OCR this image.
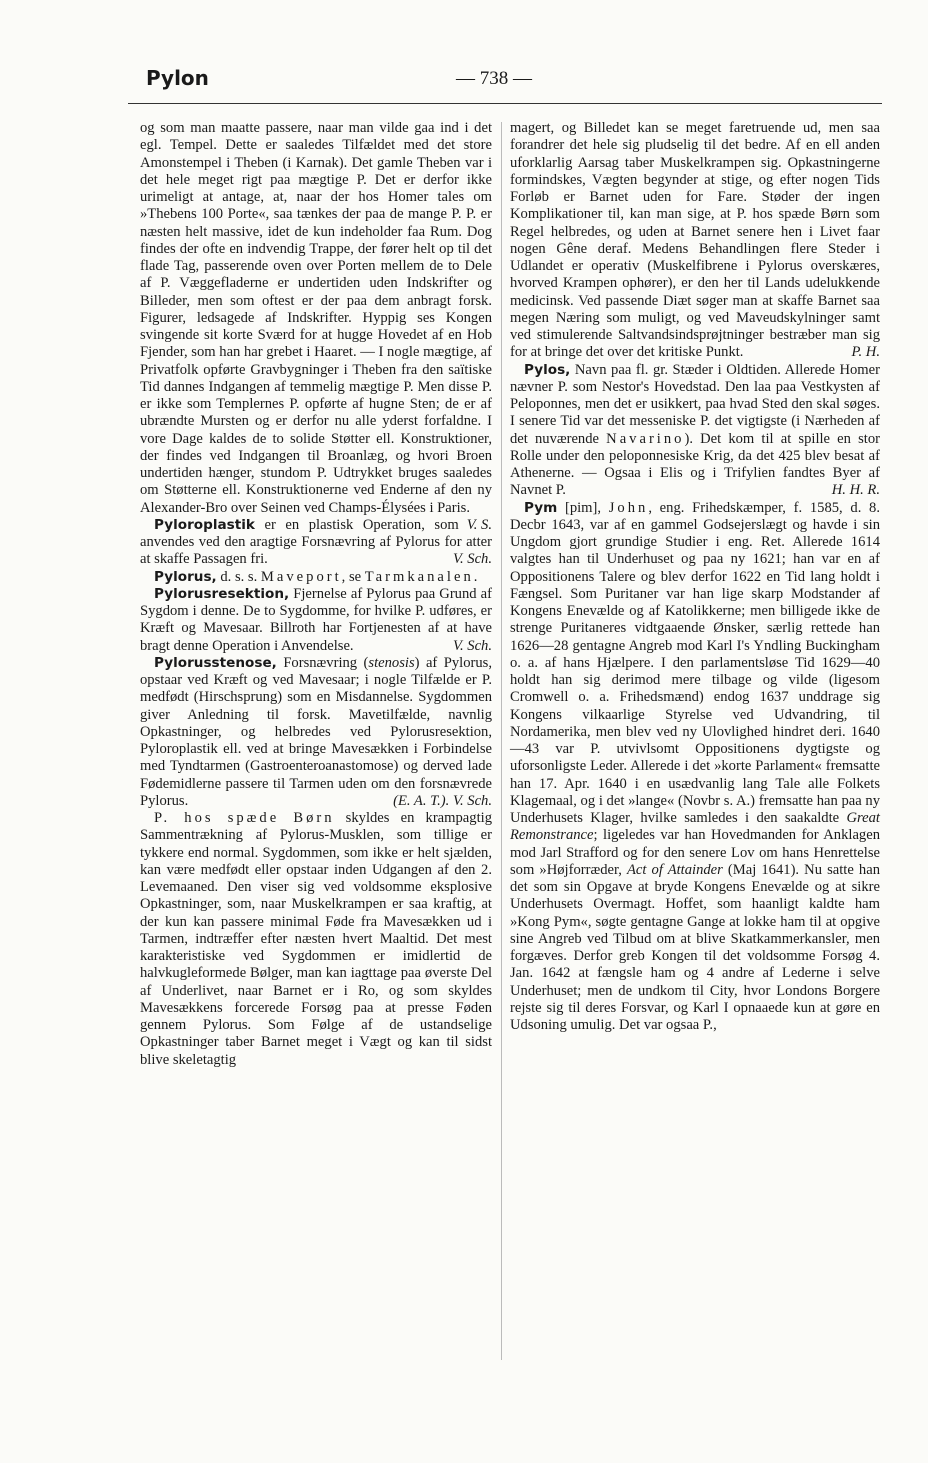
Pylon	— 738 —

og som man maatte passere, naar man vilde gaa ind i det egl. Tempel. Dette er saaledes Tilfældet med det store Amonstempel i Theben (i Karnak). Det gamle Theben var i det hele meget rigt paa mægtige P. Det er derfor ikke urimeligt at antage, at, naar der hos Homer tales om »Thebens 100 Porte«, saa tænkes der paa de mange P. P. er næsten helt massive, idet de kun indeholder faa Rum. Dog findes der ofte en indvendig Trappe, der fører helt op til det flade Tag, passerende oven over Porten mellem de to Dele af P. Væggefladerne er undertiden uden Indskrifter og Billeder, men som oftest er der paa dem anbragt forsk. Figurer, ledsagede af Indskrifter. Hyppig ses Kongen svingende sit korte Sværd for at hugge Hovedet af en Hob Fjender, som han har grebet i Haaret. — I nogle mægtige, af Privatfolk opførte Gravbygninger i Theben fra den saïtiske Tid dannes Indgangen af temmelig mægtige P. Men disse P. er ikke som Templernes P. opførte af hugne Sten; de er af ubrændte Mursten og er derfor nu alle yderst forfaldne. I vore Dage kaldes de to solide Støtter ell. Konstruktioner, der findes ved Indgangen til Broanlæg, og hvori Broen undertiden hænger, stundom P. Udtrykket bruges saaledes om Støtterne ell. Konstruktionerne ved Enderne af den ny Alexander-Bro over Seinen ved Champs-Élysées i Paris.
V. S.

Pyloroplastik er en plastisk Operation, som anvendes ved den aragtige Forsnævring af Pylorus for atter at skaffe Passagen fri.	V. Sch.

Pylorus, d. s. s. Maveport, se Tarmkanalen.

Pylorusresektion, Fjernelse af Pylorus paa Grund af Sygdom i denne. De to Sygdomme, for hvilke P. udføres, er Kræft og Mavesaar. Billroth har Fortjenesten af at have bragt denne Operation i Anvendelse.	V. Sch.

Pylorusstenose, Forsnævring (stenosis) af Pylorus, opstaar ved Kræft og ved Mavesaar; i nogle Tilfælde er P. medfødt (Hirschsprung) som en Misdannelse. Sygdommen giver Anledning til forsk. Mavetilfælde, navnlig Opkastninger, og helbredes ved Pylorusresektion, Pyloroplastik ell. ved at bringe Mavesækken i Forbindelse med Tyndtarmen (Gastroenteroanastomose) og derved lade Fødemidlerne passere til Tarmen uden om den forsnævrede Pylorus.	(E. A. T.). V. Sch.

P. hos spæde Børn skyldes en krampagtig Sammentrækning af Pylorus-Musklen, som tillige er tykkere end normal. Sygdommen, som ikke er helt sjælden, kan være medfødt eller opstaar inden Udgangen af den 2. Levemaaned. Den viser sig ved voldsomme eksplosive Opkastninger, som, naar Muskelkrampen er saa kraftig, at der kun kan passere minimal Føde fra Mavesækken ud i Tarmen, indtræffer efter næsten hvert Maaltid. Det mest karakteristiske ved Sygdommen er imidlertid de halvkugleformede Bølger, man kan iagttage paa øverste Del af Underlivet, naar Barnet er i Ro, og som skyldes Mavesækkens forcerede Forsøg paa at presse Føden gennem Pylorus. Som Følge af de ustandselige Opkastninger taber Barnet meget i Vægt og kan til sidst blive skeletagtig

magert, og Billedet kan se meget faretruende ud, men saa forandrer det hele sig pludselig til det bedre. Af en ell anden uforklarlig Aarsag taber Muskelkrampen sig. Opkastningerne formindskes, Vægten begynder at stige, og efter nogen Tids Forløb er Barnet uden for Fare. Støder der ingen Komplikationer til, kan man sige, at P. hos spæde Børn som Regel helbredes, og uden at Barnet senere hen i Livet faar nogen Gêne deraf. Medens Behandlingen flere Steder i Udlandet er operativ (Muskelfibrene i Pylorus overskæres, hvorved Krampen ophører), er den her til Lands udelukkende medicinsk. Ved passende Diæt søger man at skaffe Barnet saa megen Næring som muligt, og ved Maveudskylninger samt ved stimulerende Saltvandsindsprøjtninger bestræber man sig for at bringe det over det kritiske Punkt.	P. H.

Pylos, Navn paa fl. gr. Stæder i Oldtiden. Allerede Homer nævner P. som Nestor's Hovedstad. Den laa paa Vestkysten af Peloponnes, men det er usikkert, paa hvad Sted den skal søges. I senere Tid var det messeniske P. det vigtigste (i Nærheden af det nuværende Navarino). Det kom til at spille en stor Rolle under den peloponnesiske Krig, da det 425 blev besat af Athenerne. — Ogsaa i Elis og i Trifylien fandtes Byer af Navnet P.	H. H. R.

Pym [pim], John, eng. Frihedskæmper, f. 1585, d. 8. Decbr 1643, var af en gammel Godsejerslægt og havde i sin Ungdom gjort grundige Studier i eng. Ret. Allerede 1614 valgtes han til Underhuset og paa ny 1621; han var en af Oppositionens Talere og blev derfor 1622 en Tid lang holdt i Fængsel. Som Puritaner var han lige skarp Modstander af Kongens Enevælde og af Katolikkerne; men billigede ikke de strenge Puritaneres vidtgaaende Ønsker, særlig rettede han 1626—28 gentagne Angreb mod Karl I's Yndling Buckingham o. a. af hans Hjælpere. I den parlamentsløse Tid 1629—40 holdt han sig derimod mere tilbage og vilde (ligesom Cromwell o. a. Frihedsmænd) endog 1637 unddrage sig Kongens vilkaarlige Styrelse ved Udvandring, til Nordamerika, men blev ved ny Ulovlighed hindret deri. 1640—43 var P. utvivlsomt Oppositionens dygtigste og uforsonligste Leder. Allerede i det »korte Parlament« fremsatte han 17. Apr. 1640 i en usædvanlig lang Tale alle Folkets Klagemaal, og i det »lange« (Novbr s. A.) fremsatte han paa ny Underhusets Klager, hvilke samledes i den saakaldte Great Remonstrance; ligeledes var han Hovedmanden for Anklagen mod Jarl Strafford og for den senere Lov om hans Henrettelse som »Højforræder, Act of Attainder (Maj 1641). Nu satte han det som sin Opgave at bryde Kongens Enevælde og at sikre Underhusets Overmagt. Hoffet, som haanligt kaldte ham »Kong Pym«, søgte gentagne Gange at lokke ham til at opgive sine Angreb ved Tilbud om at blive Skatkammerkansler, men forgæves. Derfor greb Kongen til det voldsomme Forsøg 4. Jan. 1642 at fængsle ham og 4 andre af Lederne i selve Underhuset; men de undkom til City, hvor Londons Borgere rejste sig til deres Forsvar, og Karl I opnaaede kun at gøre en Udsoning umulig. Det var ogsaa P.,
